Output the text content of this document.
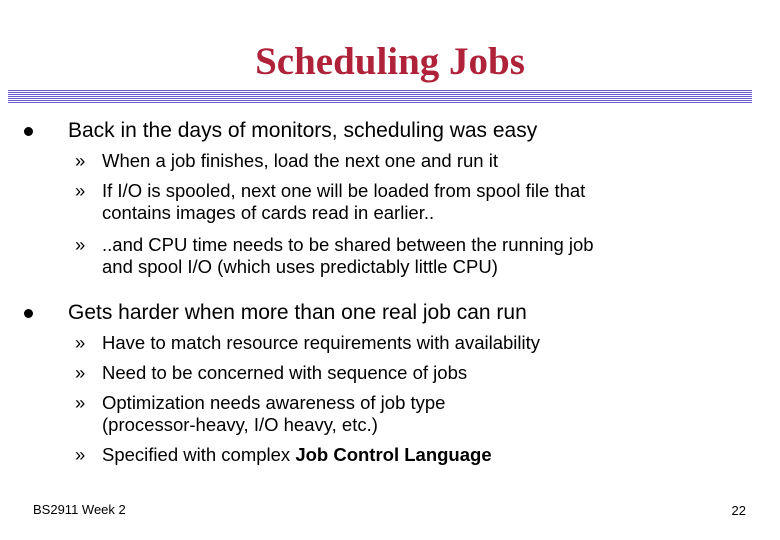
Scheduling Jobs
Back in the days of monitors, scheduling was easy
» When a job finishes, load the next one and run it
» If I/O is spooled, next one will be loaded from spool file that
contains images of cards read in earlier..
» ..and CPU time needs to be shared between the running job
and spool I/O (which uses predictably little CPU)
Gets harder when more than one real job can run
» Have to match resource requirements with availability
» Need to be concerned with sequence of jobs
» Optimization needs awareness of job type
(processor-heavy, I/O heavy, etc.)
» Specified with complex Job Control Language
BS2911 Week 2	22
